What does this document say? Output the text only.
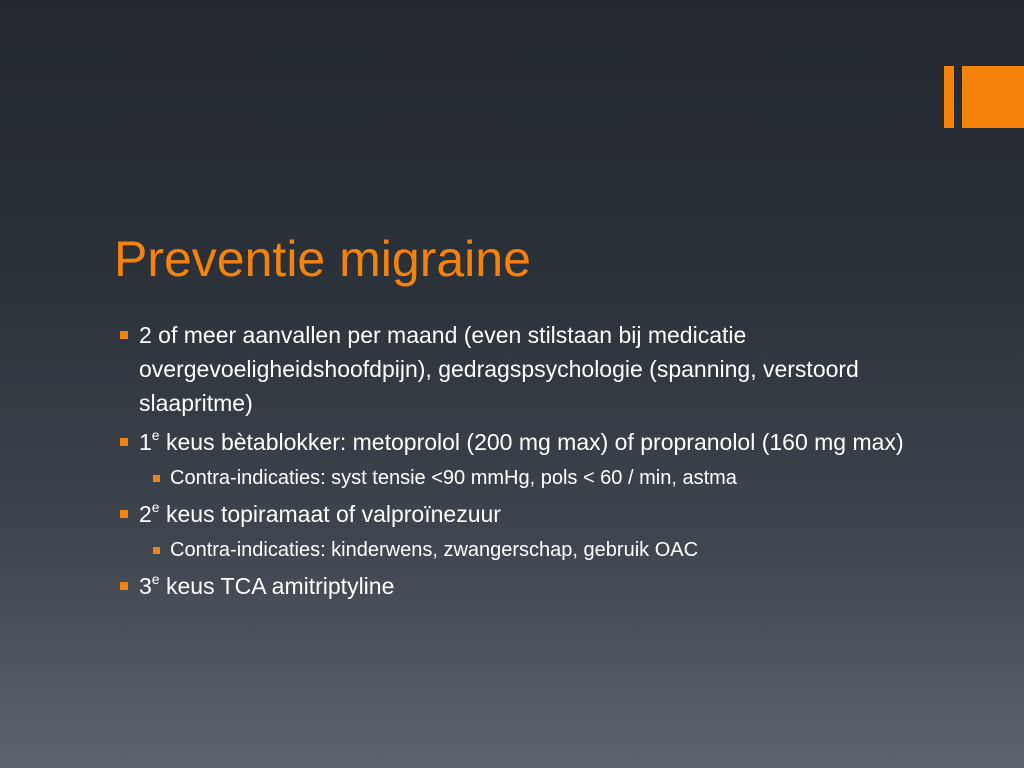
Preventie migraine
2 of meer aanvallen per maand (even stilstaan bij medicatie overgevoeligheidshoofdpijn), gedragspsychologie (spanning, verstoord slaapritme)
1e keus bètablokker: metoprolol (200 mg max) of propranolol (160 mg max)
Contra-indicaties: syst tensie <90 mmHg, pols < 60 / min, astma
2e keus topiramaat of valproïnezuur
Contra-indicaties: kinderwens, zwangerschap, gebruik OAC
3e keus TCA amitriptyline
